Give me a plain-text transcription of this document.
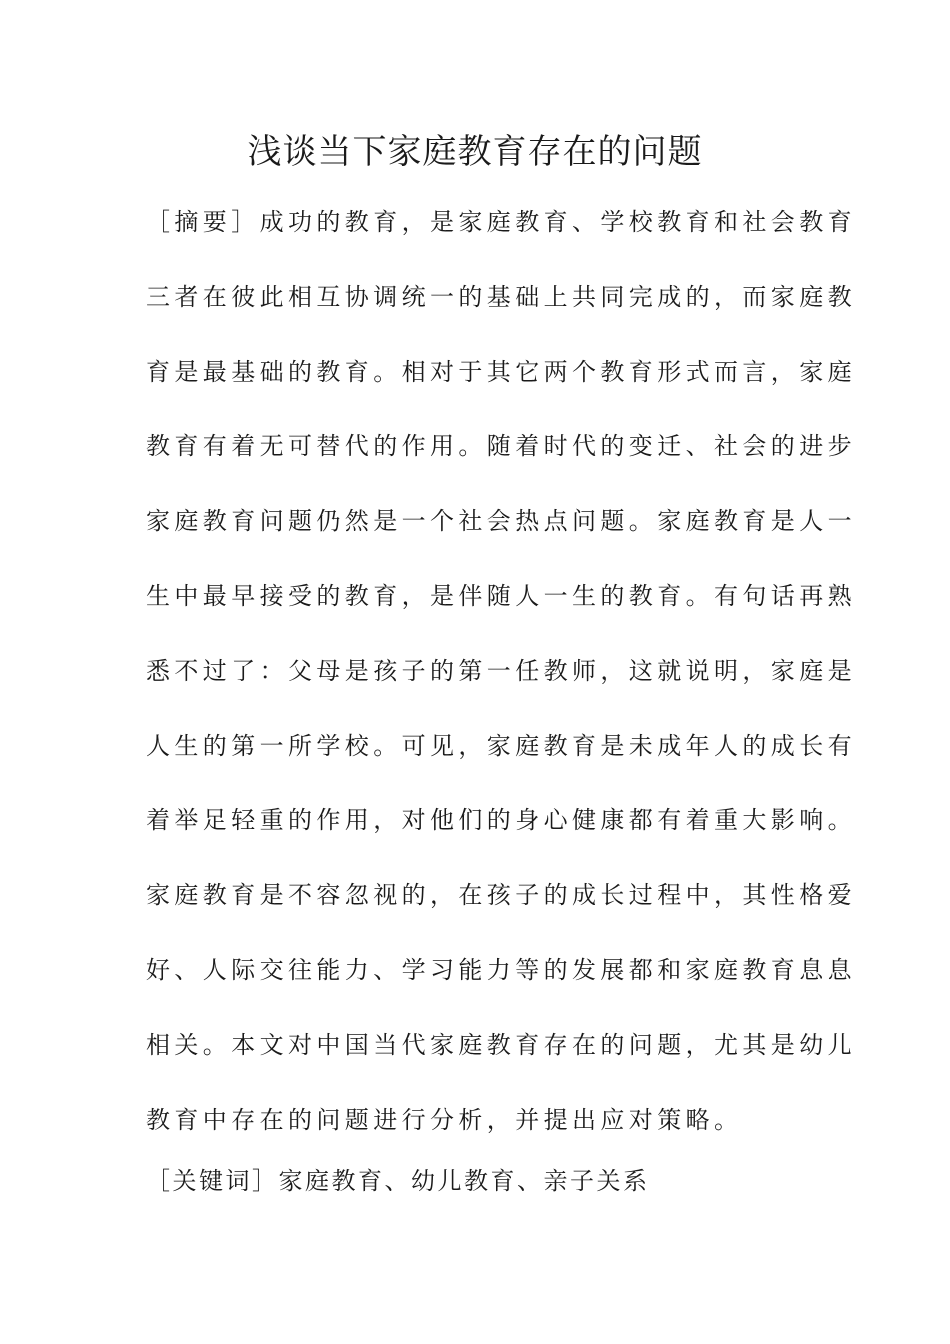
浅谈当下家庭教育存在的问题
［摘要］成功的教育，是家庭教育、学校教育和社会教育
三者在彼此相互协调统一的基础上共同完成的，而家庭教
育是最基础的教育。相对于其它两个教育形式而言，家庭
教育有着无可替代的作用。随着时代的变迁、社会的进步
家庭教育问题仍然是一个社会热点问题。家庭教育是人一
生中最早接受的教育，是伴随人一生的教育。有句话再熟
悉不过了：父母是孩子的第一任教师，这就说明，家庭是
人生的第一所学校。可见，家庭教育是未成年人的成长有
着举足轻重的作用，对他们的身心健康都有着重大影响。
家庭教育是不容忽视的，在孩子的成长过程中，其性格爱
好、人际交往能力、学习能力等的发展都和家庭教育息息
相关。本文对中国当代家庭教育存在的问题，尤其是幼儿
教育中存在的问题进行分析，并提出应对策略。
［关键词］家庭教育、幼儿教育、亲子关系
